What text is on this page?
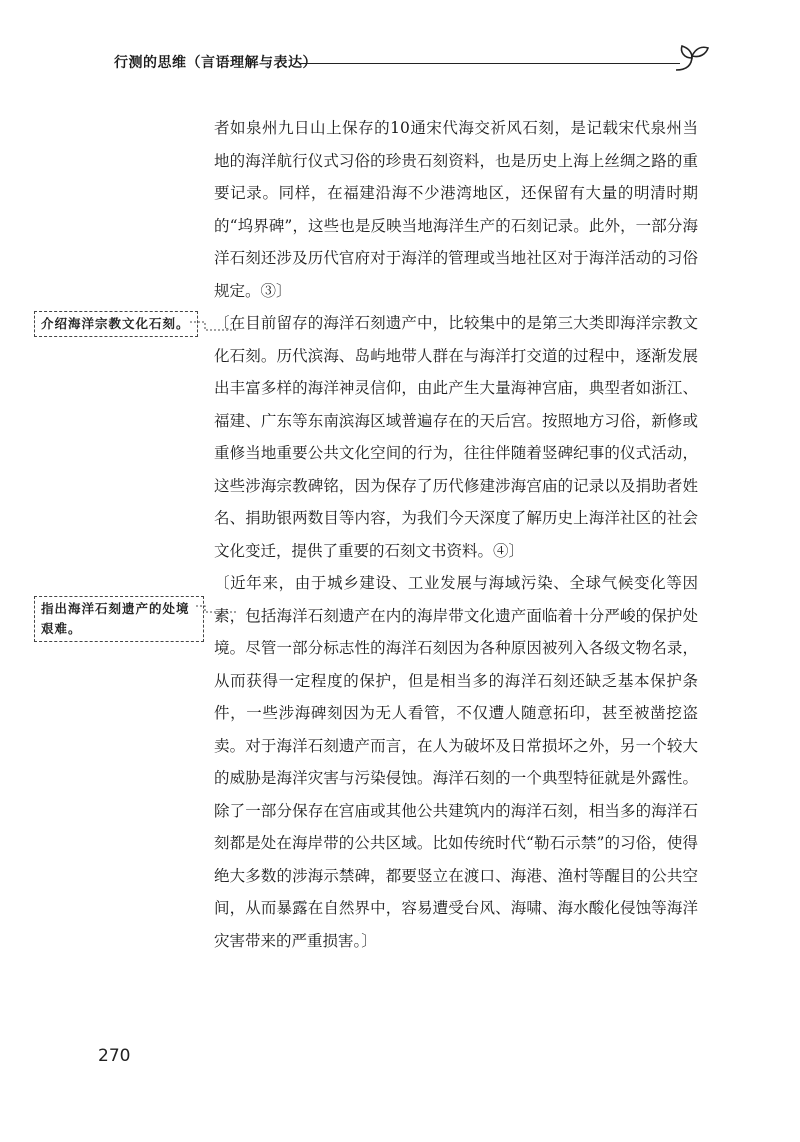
行测的思维（言语理解与表达）
介绍海洋宗教文化石刻。
指出海洋石刻遗产的处境艰难。

者如泉州九日山上保存的10通宋代海交祈风石刻，是记载宋代泉州当地的海洋航行仪式习俗的珍贵石刻资料，也是历史上海上丝绸之路的重要记录。同样，在福建沿海不少港湾地区，还保留有大量的明清时期的“坞界碑”，这些也是反映当地海洋生产的石刻记录。此外，一部分海洋石刻还涉及历代官府对于海洋的管理或当地社区对于海洋活动的习俗规定。③〕

〔在目前留存的海洋石刻遗产中，比较集中的是第三大类即海洋宗教文化石刻。历代滨海、岛屿地带人群在与海洋打交道的过程中，逐渐发展出丰富多样的海洋神灵信仰，由此产生大量海神宫庙，典型者如浙江、福建、广东等东南滨海区域普遍存在的天后宫。按照地方习俗，新修或重修当地重要公共文化空间的行为，往往伴随着竖碑纪事的仪式活动，这些涉海宗教碑铭，因为保存了历代修建涉海宫庙的记录以及捐助者姓名、捐助银两数目等内容，为我们今天深度了解历史上海洋社区的社会文化变迁，提供了重要的石刻文书资料。④〕

〔近年来，由于城乡建设、工业发展与海域污染、全球气候变化等因素，包括海洋石刻遗产在内的海岸带文化遗产面临着十分严峻的保护处境。尽管一部分标志性的海洋石刻因为各种原因被列入各级文物名录，从而获得一定程度的保护，但是相当多的海洋石刻还缺乏基本保护条件，一些涉海碑刻因为无人看管，不仅遭人随意拓印，甚至被凿挖盗卖。对于海洋石刻遗产而言，在人为破坏及日常损坏之外，另一个较大的威胁是海洋灾害与污染侵蚀。海洋石刻的一个典型特征就是外露性。除了一部分保存在宫庙或其他公共建筑内的海洋石刻，相当多的海洋石刻都是处在海岸带的公共区域。比如传统时代“勒石示禁”的习俗，使得绝大多数的涉海示禁碑，都要竖立在渡口、海港、渔村等醒目的公共空间，从而暴露在自然界中，容易遭受台风、海啸、海水酸化侵蚀等海洋灾害带来的严重损害。〕

270
